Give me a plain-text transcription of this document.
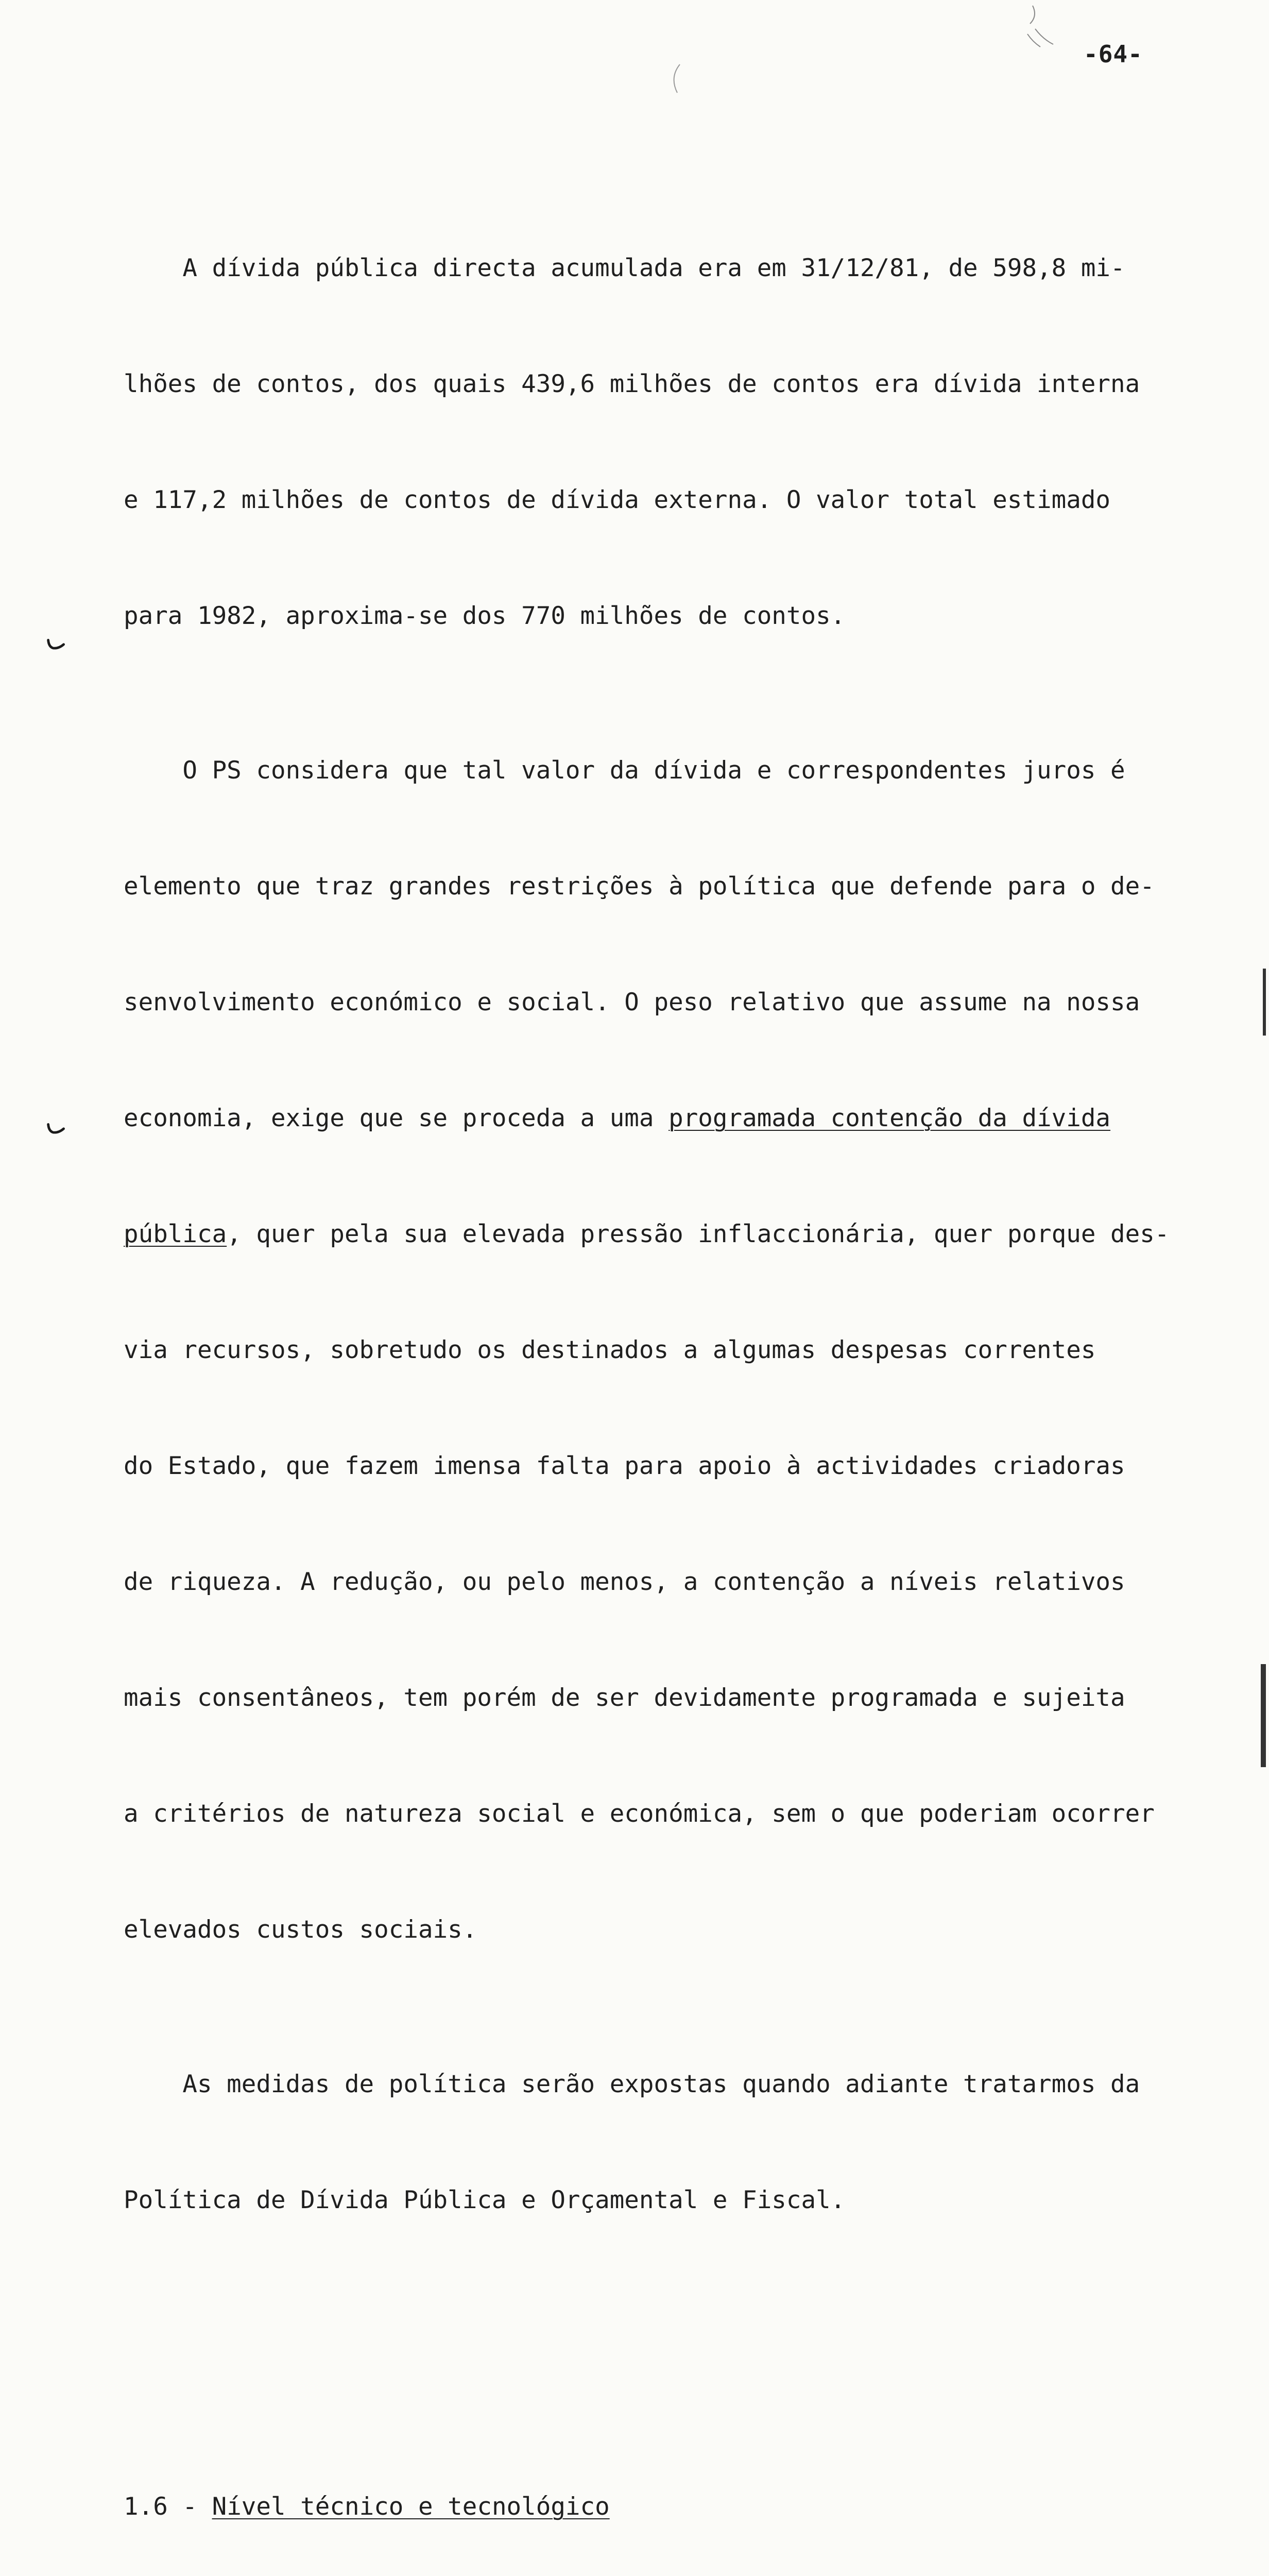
-64-

A dívida pública directa acumulada era em 31/12/81, de 598,8 mi-

lhões de contos, dos quais 439,6 milhões de contos era dívida interna

e 117,2 milhões de contos de dívida externa. O valor total estimado

para 1982, aproxima-se dos 770 milhões de contos.

O PS considera que tal valor da dívida e correspondentes juros é

elemento que traz grandes restrições à política que defende para o de-

senvolvimento económico e social. O peso relativo que assume na nossa

economia, exige que se proceda a uma programada contenção da dívida

pública, quer pela sua elevada pressão inflaccionária, quer porque des-

via recursos, sobretudo os destinados a algumas despesas correntes

do Estado, que fazem imensa falta para apoio à actividades criadoras

de riqueza. A redução, ou pelo menos, a contenção a níveis relativos

mais consentâneos, tem porém de ser devidamente programada e sujeita

a critérios de natureza social e económica, sem o que poderiam ocorrer

elevados custos sociais.

As medidas de política serão expostas quando adiante tratarmos da

Política de Dívida Pública e Orçamental e Fiscal.

1.6 - Nível técnico e tecnológico
